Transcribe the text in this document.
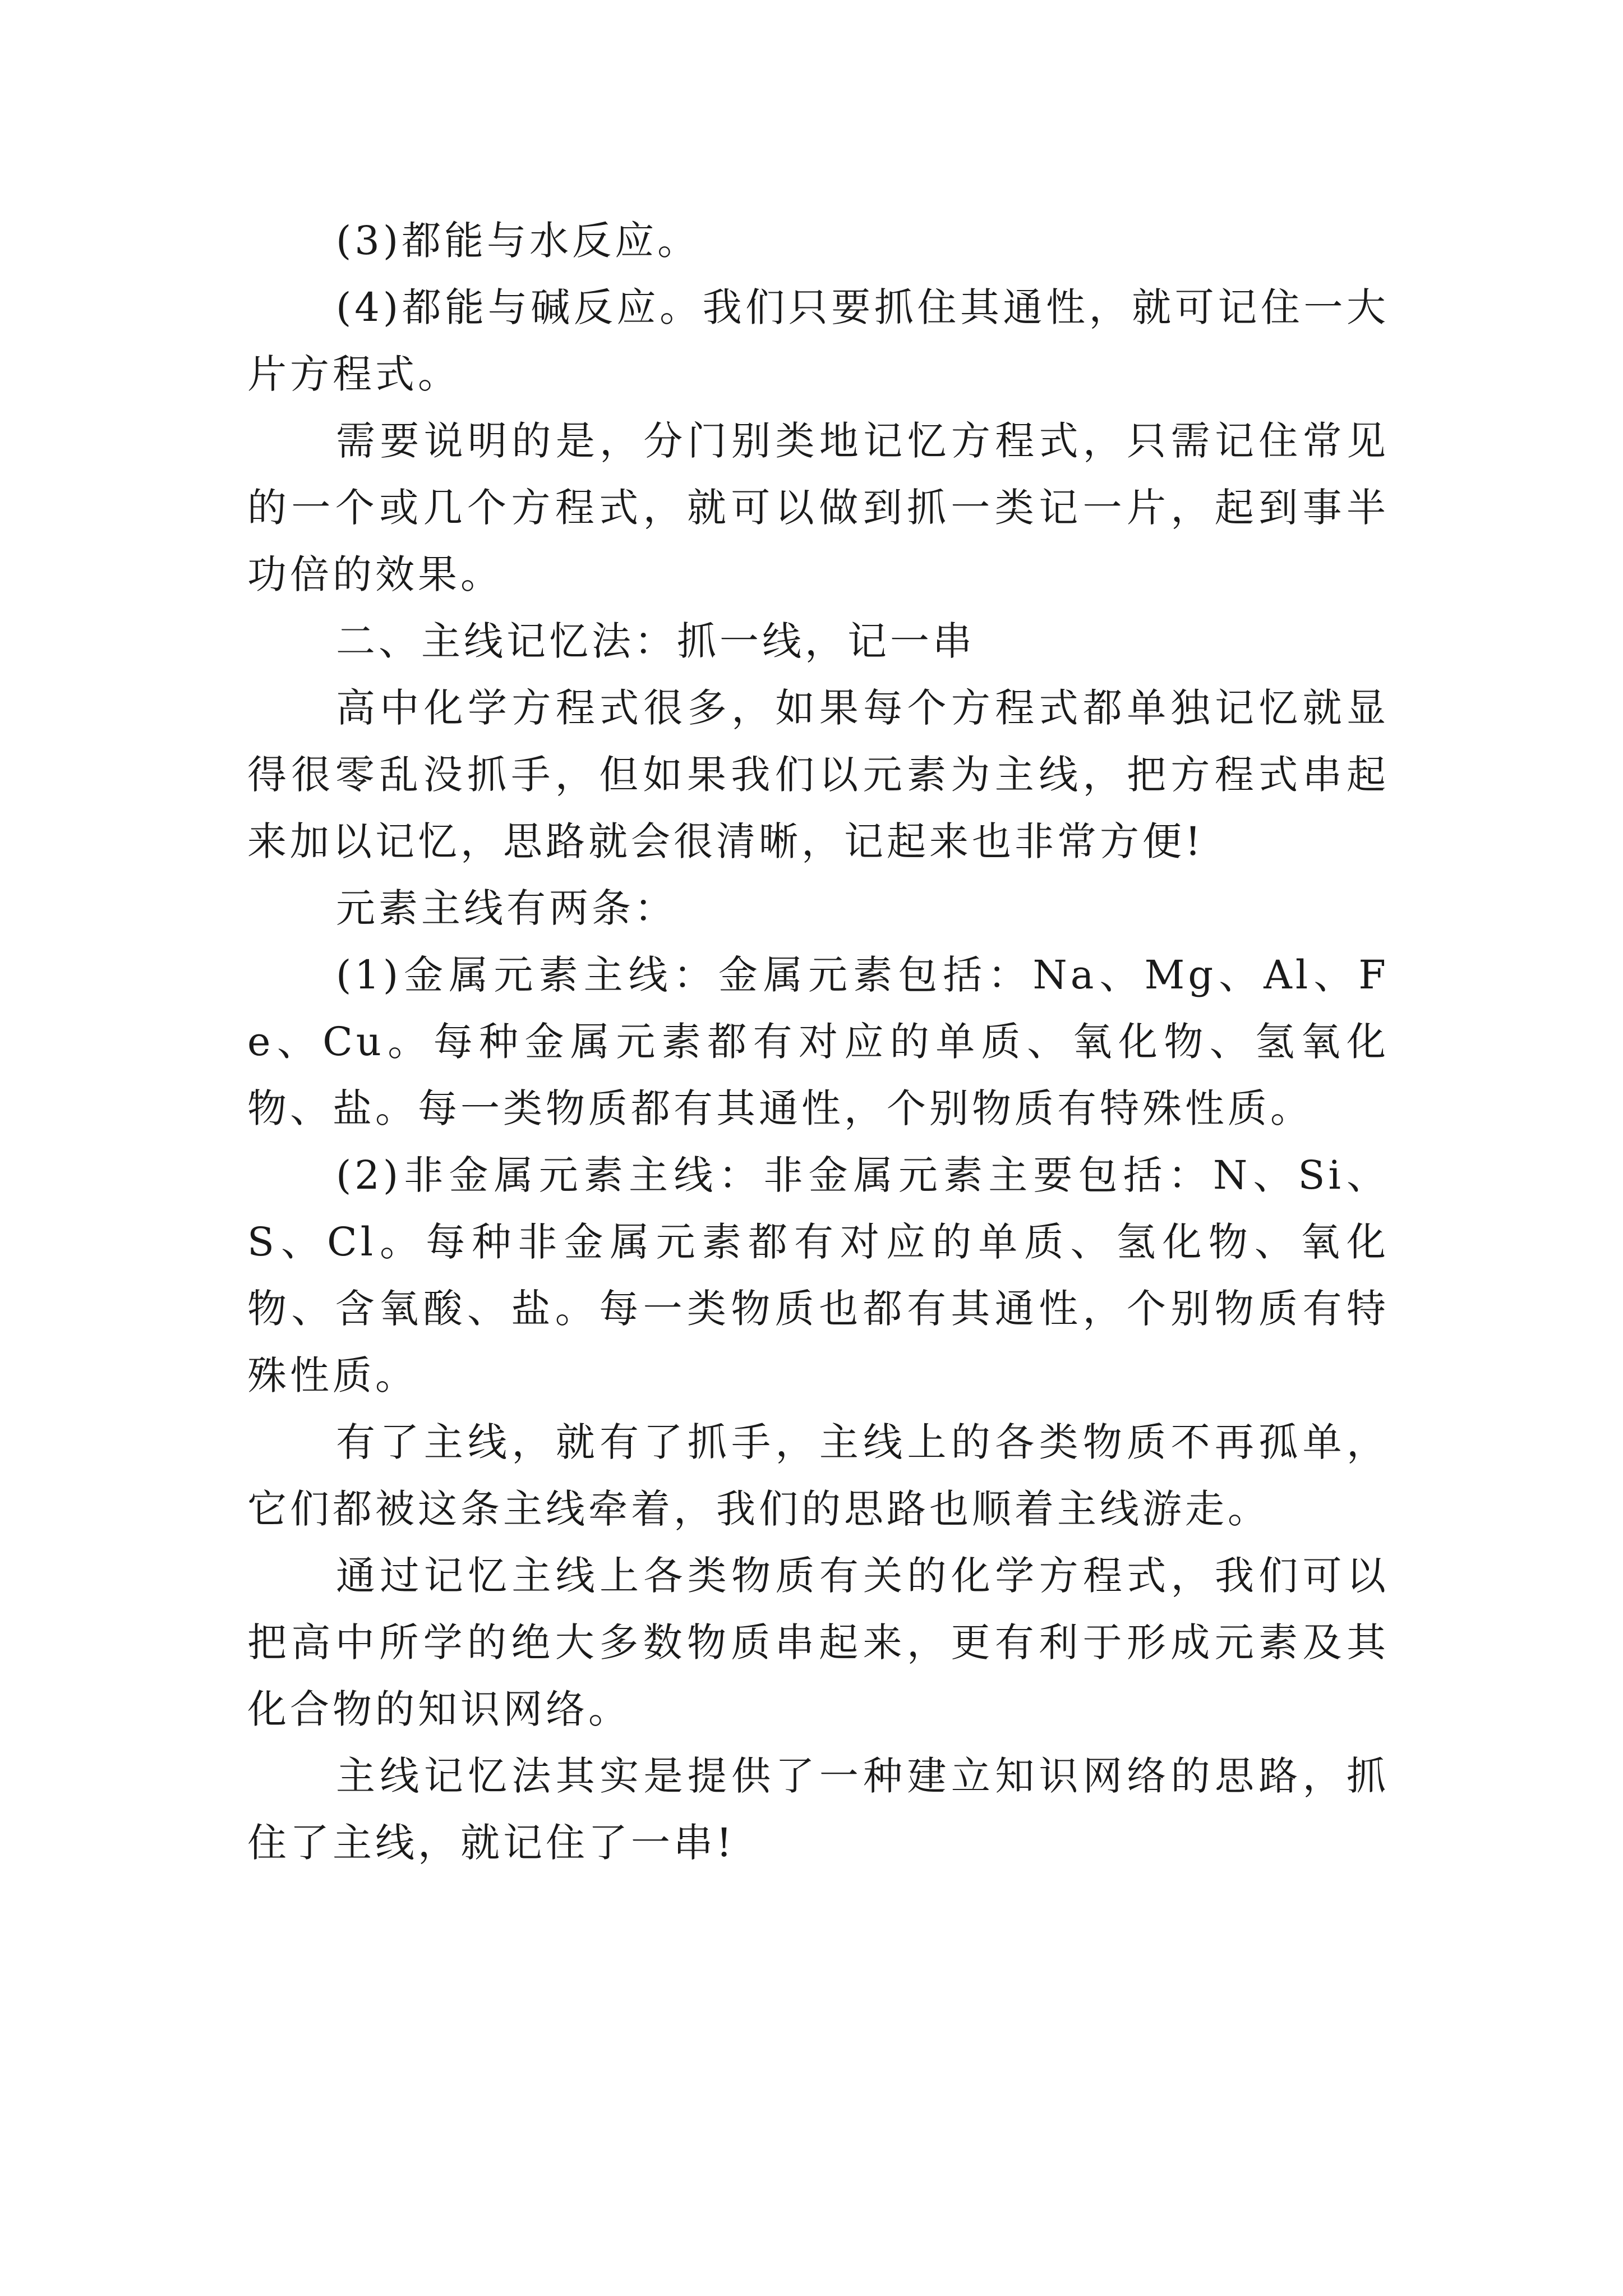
(3)都能与水反应。

(4)都能与碱反应。我们只要抓住其通性，就可记住一大片方程式。

需要说明的是，分门别类地记忆方程式，只需记住常见的一个或几个方程式，就可以做到抓一类记一片，起到事半功倍的效果。

二、主线记忆法：抓一线，记一串

高中化学方程式很多，如果每个方程式都单独记忆就显得很零乱没抓手，但如果我们以元素为主线，把方程式串起来加以记忆，思路就会很清晰，记起来也非常方便!

元素主线有两条：

(1)金属元素主线：金属元素包括：Na、Mg、Al、Fe、Cu。每种金属元素都有对应的单质、氧化物、氢氧化物、盐。每一类物质都有其通性，个别物质有特殊性质。

(2)非金属元素主线：非金属元素主要包括：N、Si、S、Cl。每种非金属元素都有对应的单质、氢化物、氧化物、含氧酸、盐。每一类物质也都有其通性，个别物质有特殊性质。

有了主线，就有了抓手，主线上的各类物质不再孤单，它们都被这条主线牵着，我们的思路也顺着主线游走。

通过记忆主线上各类物质有关的化学方程式，我们可以把高中所学的绝大多数物质串起来，更有利于形成元素及其化合物的知识网络。

主线记忆法其实是提供了一种建立知识网络的思路，抓住了主线，就记住了一串!
